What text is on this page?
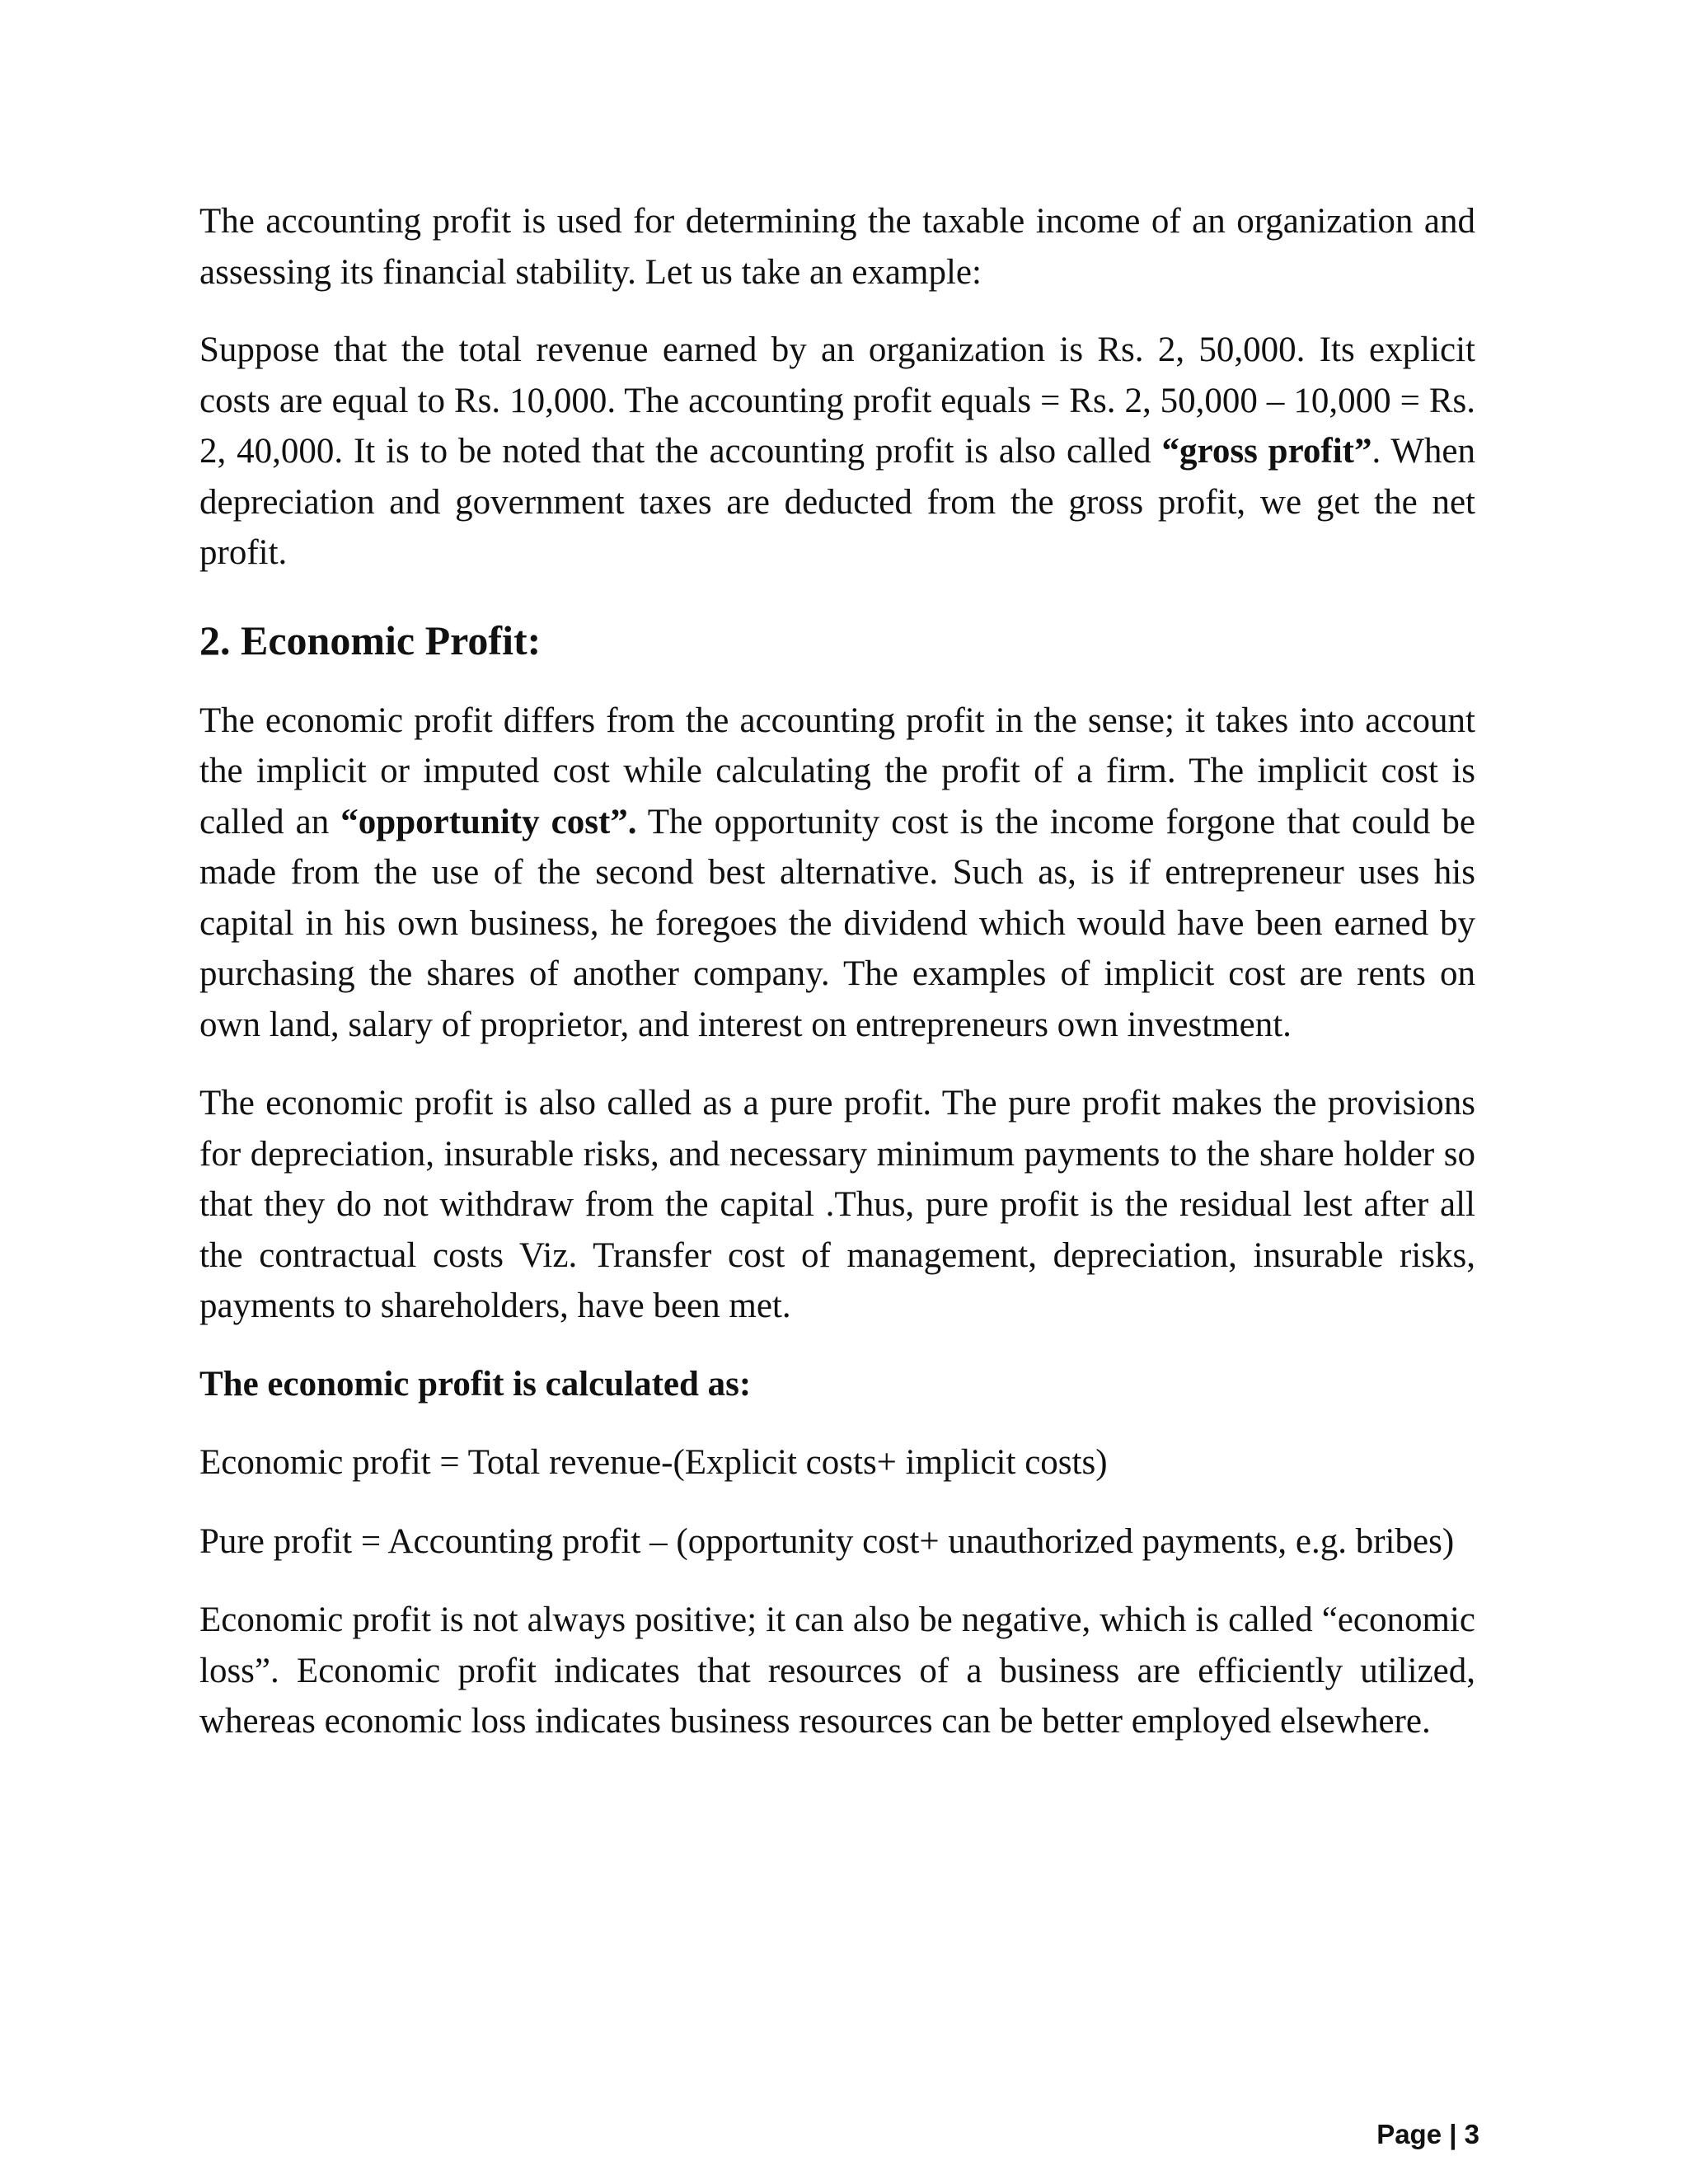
The accounting profit is used for determining the taxable income of an organization and assessing its financial stability. Let us take an example:

Suppose that the total revenue earned by an organization is Rs. 2, 50,000. Its explicit costs are equal to Rs. 10,000. The accounting profit equals = Rs. 2, 50,000 – 10,000 = Rs. 2, 40,000. It is to be noted that the accounting profit is also called “gross profit”. When depreciation and government taxes are deducted from the gross profit, we get the net profit.

2. Economic Profit:

The economic profit differs from the accounting profit in the sense; it takes into account the implicit or imputed cost while calculating the profit of a firm. The implicit cost is called an “opportunity cost”. The opportunity cost is the income forgone that could be made from the use of the second best alternative. Such as, is if entrepreneur uses his capital in his own business, he foregoes the dividend which would have been earned by purchasing the shares of another company. The examples of implicit cost are rents on own land, salary of proprietor, and interest on entrepreneurs own investment.

The economic profit is also called as a pure profit. The pure profit makes the provisions for depreciation, insurable risks, and necessary minimum payments to the share holder so that they do not withdraw from the capital .Thus, pure profit is the residual lest after all the contractual costs Viz. Transfer cost of management, depreciation, insurable risks, payments to shareholders, have been met.

The economic profit is calculated as:

Economic profit = Total revenue-(Explicit costs+ implicit costs)

Pure profit = Accounting profit – (opportunity cost+ unauthorized payments, e.g. bribes)

Economic profit is not always positive; it can also be negative, which is called “economic loss”. Economic profit indicates that resources of a business are efficiently utilized, whereas economic loss indicates business resources can be better employed elsewhere.

Page | 3
